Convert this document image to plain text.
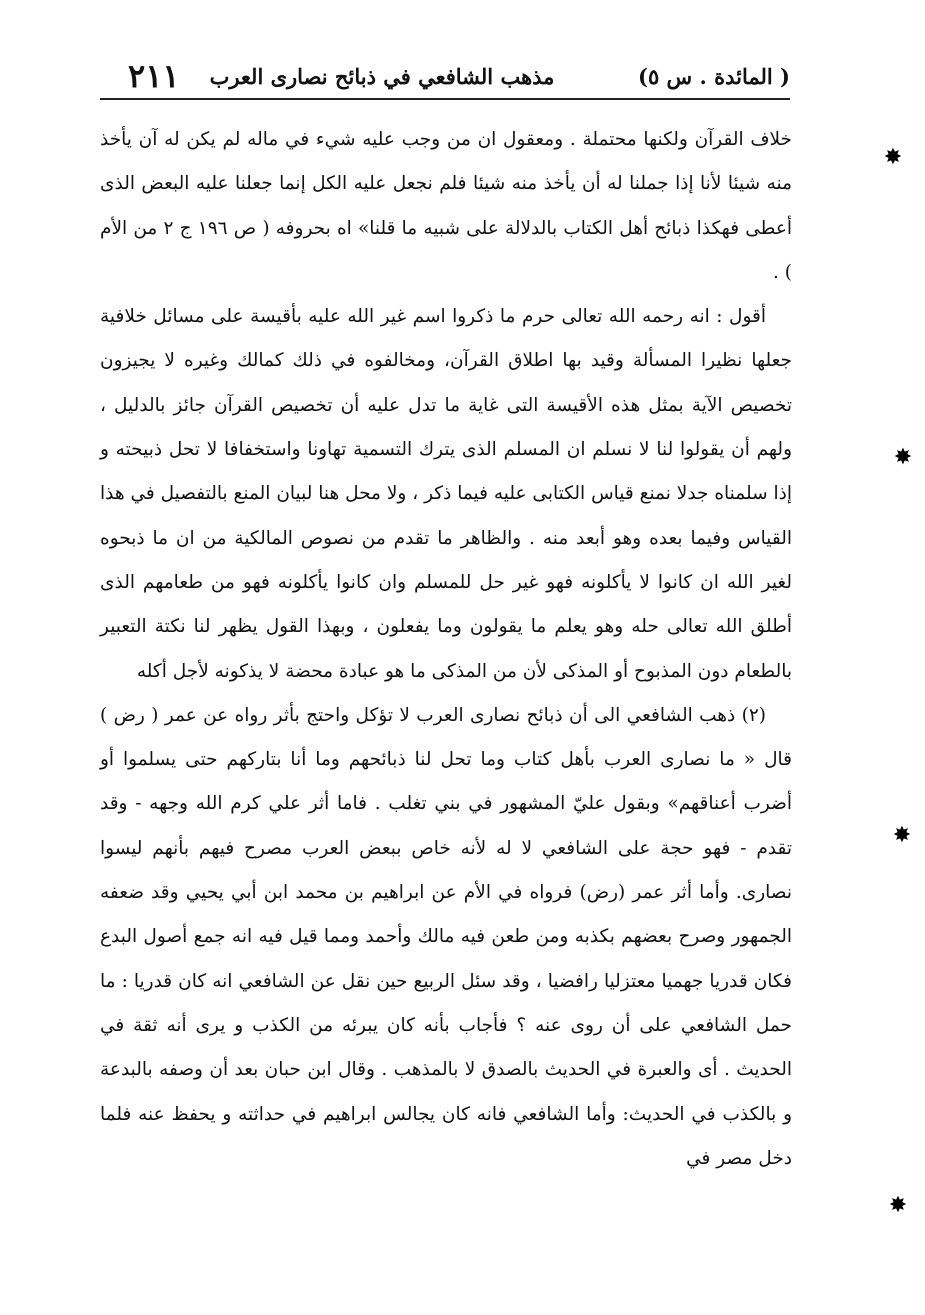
( المائدة . س ٥)
مذهب الشافعي في ذبائح نصارى العرب
٢١١

خلاف القرآن ولكنها محتملة . ومعقول ان من وجب عليه شيء في ماله لم يكن له آن يأخذ منه شيئا لأنا إذا جملنا له أن يأخذ منه شيئا فلم نجعل عليه الكل إنما جعلنا عليه البعض الذى أعطى فهكذا ذبائح أهل الكتاب بالدلالة على شبيه ما قلنا» اه بحروفه ( ص ١٩٦ ج ٢ من الأم ) .

أقول : انه رحمه الله تعالى حرم ما ذكروا اسم غير الله عليه بأقيسة على مسائل خلافية جعلها نظيرا المسألة وقيد بها اطلاق القرآن، ومخالفوه في ذلك كمالك وغيره لا يجيزون تخصيص الآية بمثل هذه الأقيسة التى غاية ما تدل عليه أن تخصيص القرآن جائز بالدليل ، ولهم أن يقولوا لنا لا نسلم ان المسلم الذى يترك التسمية تهاونا واستخفافا لا تحل ذبيحته و إذا سلمناه جدلا نمنع قياس الكتابى عليه فيما ذكر ، ولا محل هنا لبيان المنع بالتفصيل في هذا القياس وفيما بعده وهو أبعد منه . والظاهر ما تقدم من نصوص المالكية من ان ما ذبحوه لغير الله ان كانوا لا يأكلونه فهو غير حل للمسلم وان كانوا يأكلونه فهو من طعامهم الذى أطلق الله تعالى حله وهو يعلم ما يقولون وما يفعلون ، وبهذا القول يظهر لنا نكتة التعبير بالطعام دون المذبوح أو المذكى لأن من المذكى ما هو عبادة محضة لا يذكونه لأجل أكله

(٢) ذهب الشافعي الى أن ذبائح نصارى العرب لا تؤكل واحتج بأثر رواه عن عمر ( رض ) قال « ما نصارى العرب بأهل كتاب وما تحل لنا ذبائحهم وما أنا بتاركهم حتى يسلموا أو أضرب أعناقهم» وبقول عليّ المشهور في بني تغلب . فاما أثر علي كرم الله وجهه - وقد تقدم - فهو حجة على الشافعي لا له لأنه خاص ببعض العرب مصرح فيهم بأنهم ليسوا نصارى. وأما أثر عمر (رض) فرواه في الأم عن ابراهيم بن محمد ابن أبي يحيي وقد ضعفه الجمهور وصرح بعضهم بكذبه ومن طعن فيه مالك وأحمد ومما قيل فيه انه جمع أصول البدع فكان قدريا جهميا معتزليا رافضيا ، وقد سئل الربيع حين نقل عن الشافعي انه كان قدريا : ما حمل الشافعي على أن روى عنه ؟ فأجاب بأنه كان يبرئه من الكذب و يرى أنه ثقة في الحديث . أى والعبرة في الحديث بالصدق لا بالمذهب . وقال ابن حبان بعد أن وصفه بالبدعة و بالكذب في الحديث: وأما الشافعي فانه كان يجالس ابراهيم في حداثته و يحفظ عنه فلما دخل مصر في

✸
✸
✸
✸
